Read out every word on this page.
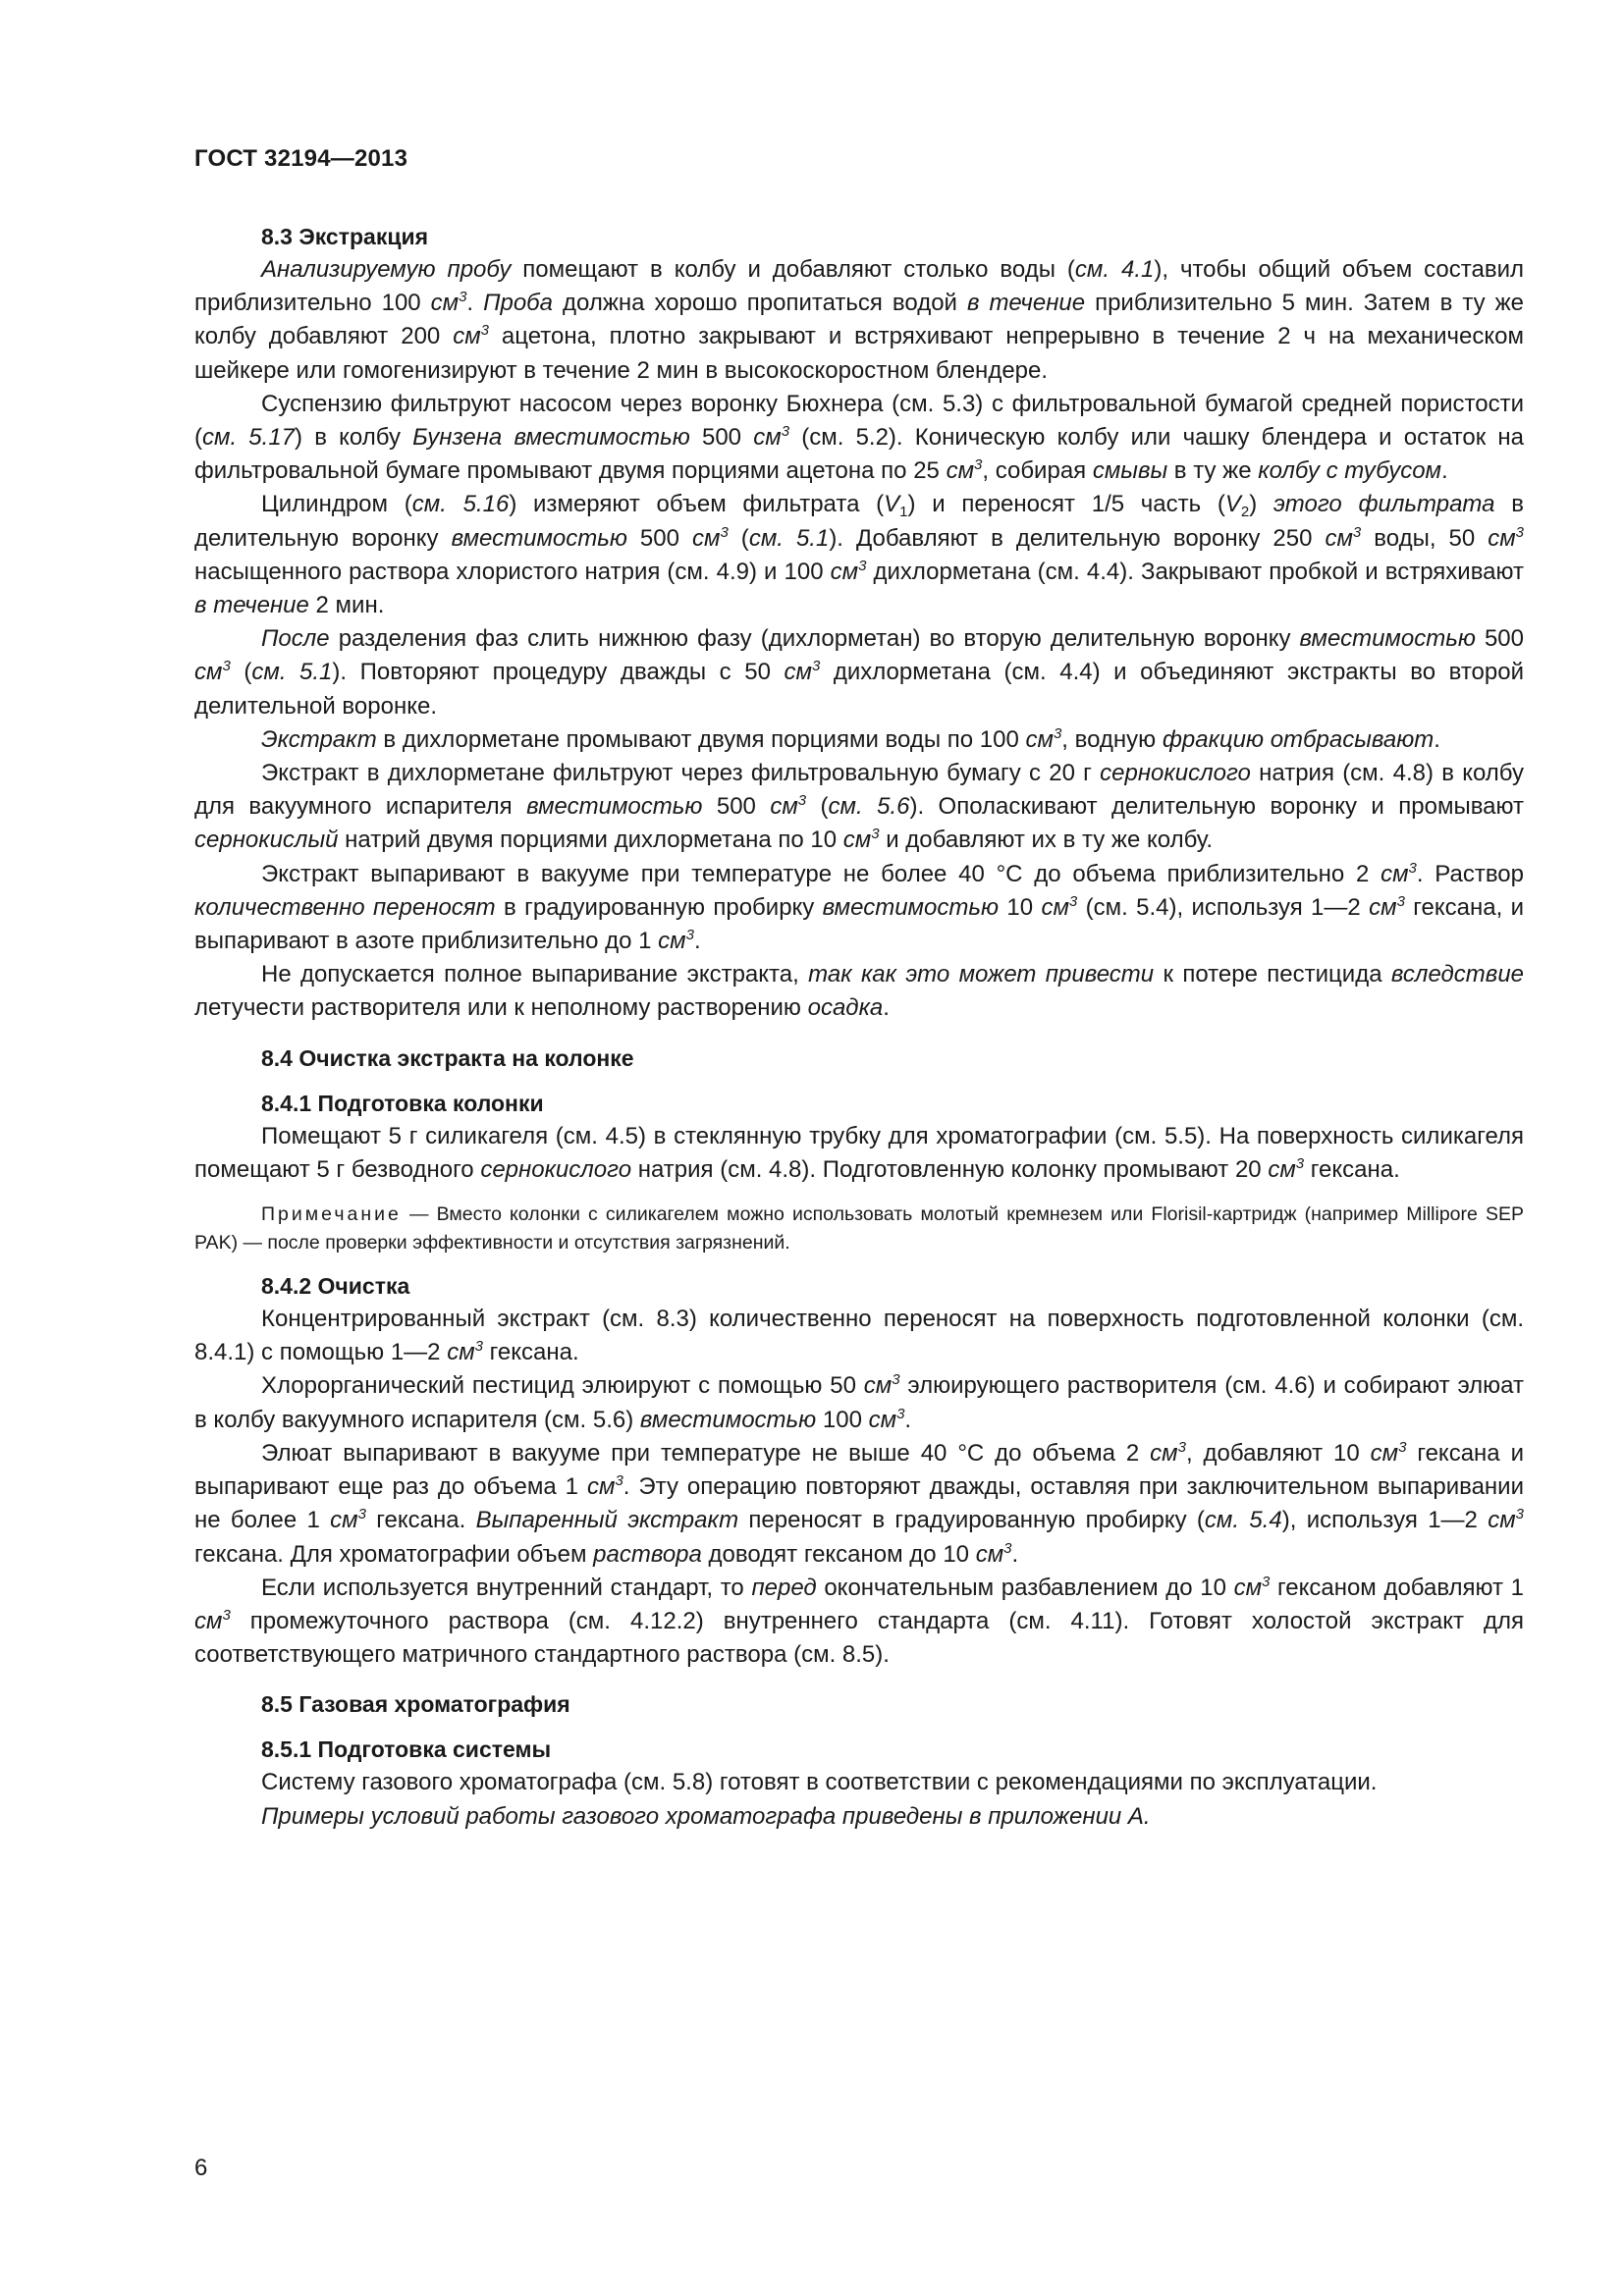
ГОСТ 32194—2013
8.3 Экстракция

Анализируемую пробу помещают в колбу и добавляют столько воды (см. 4.1), чтобы общий объем составил приблизительно 100 $см^3$. Проба должна хорошо пропитаться водой в течение приблизительно 5 мин. Затем в ту же колбу добавляют 200 $см^3$ ацетона, плотно закрывают и встряхивают непрерывно в течение 2 ч на механическом шейкере или гомогенизируют в течение 2 мин в высокоскоростном блендере.

Суспензию фильтруют насосом через воронку Бюхнера (см. 5.3) с фильтровальной бумагой средней пористости (см. 5.17) в колбу Бунзена вместимостью 500 $см^3$ (см. 5.2). Коническую колбу или чашку блендера и остаток на фильтровальной бумаге промывают двумя порциями ацетона по 25 $см^3$, собирая смывы в ту же колбу с тубусом.

Цилиндром (см. 5.16) измеряют объем фильтрата $(V_1)$ и переносят 1/5 часть $(V_2)$ этого фильтрата в делительную воронку вместимостью 500 $см^3$ (см. 5.1). Добавляют в делительную воронку 250 $см^3$ воды, 50 $см^3$ насыщенного раствора хлористого натрия (см. 4.9) и 100 $см^3$ дихлорметана (см. 4.4). Закрывают пробкой и встряхивают в течение 2 мин.

После разделения фаз слить нижнюю фазу (дихлорметан) во вторую делительную воронку вместимостью 500 $см^3$ (см. 5.1). Повторяют процедуру дважды с 50 $см^3$ дихлорметана (см. 4.4) и объединяют экстракты во второй делительной воронке.

Экстракт в дихлорметане промывают двумя порциями воды по 100 $см^3$, водную фракцию отбрасывают.

Экстракт в дихлорметане фильтруют через фильтровальную бумагу с 20 г сернокислого натрия (см. 4.8) в колбу для вакуумного испарителя вместимостью 500 $см^3$ (см. 5.6). Ополаскивают делительную воронку и промывают сернокислый натрий двумя порциями дихлорметана по 10 $см^3$ и добавляют их в ту же колбу.

Экстракт выпаривают в вакууме при температуре не более 40 °С до объема приблизительно 2 $см^3$. Раствор количественно переносят в градуированную пробирку вместимостью 10 $см^3$ (см. 5.4), используя 1—2 $см^3$ гексана, и выпаривают в азоте приблизительно до 1 $см^3$.

Не допускается полное выпаривание экстракта, так как это может привести к потере пестицида вследствие летучести растворителя или к неполному растворению осадка.

8.4 Очистка экстракта на колонке
8.4.1 Подготовка колонки

Помещают 5 г силикагеля (см. 4.5) в стеклянную трубку для хроматографии (см. 5.5). На поверхность силикагеля помещают 5 г безводного сернокислого натрия (см. 4.8). Подготовленную колонку промывают 20 $см^3$ гексана.

Примечание — Вместо колонки с силикагелем можно использовать молотый кремнезем или Florisil-картридж (например Millipore SEP PAK) — после проверки эффективности и отсутствия загрязнений.

8.4.2 Очистка

Концентрированный экстракт (см. 8.3) количественно переносят на поверхность подготовленной колонки (см. 8.4.1) с помощью 1—2 $см^3$ гексана.

Хлорорганический пестицид элюируют с помощью 50 $см^3$ элюирующего растворителя (см. 4.6) и собирают элюат в колбу вакуумного испарителя (см. 5.6) вместимостью 100 $см^3$.

Элюат выпаривают в вакууме при температуре не выше 40 °С до объема 2 $см^3$, добавляют 10 $см^3$ гексана и выпаривают еще раз до объема 1 $см^3$. Эту операцию повторяют дважды, оставляя при заключительном выпаривании не более 1 $см^3$ гексана. Выпаренный экстракт переносят в градуированную пробирку (см. 5.4), используя 1—2 $см^3$ гексана. Для хроматографии объем раствора доводят гексаном до 10 $см^3$.

Если используется внутренний стандарт, то перед окончательным разбавлением до 10 $см^3$ гексаном добавляют 1 $см^3$ промежуточного раствора (см. 4.12.2) внутреннего стандарта (см. 4.11). Готовят холостой экстракт для соответствующего матричного стандартного раствора (см. 8.5).

8.5 Газовая хроматография
8.5.1 Подготовка системы

Систему газового хроматографа (см. 5.8) готовят в соответствии с рекомендациями по эксплуатации.

Примеры условий работы газового хроматографа приведены в приложении А.

6
